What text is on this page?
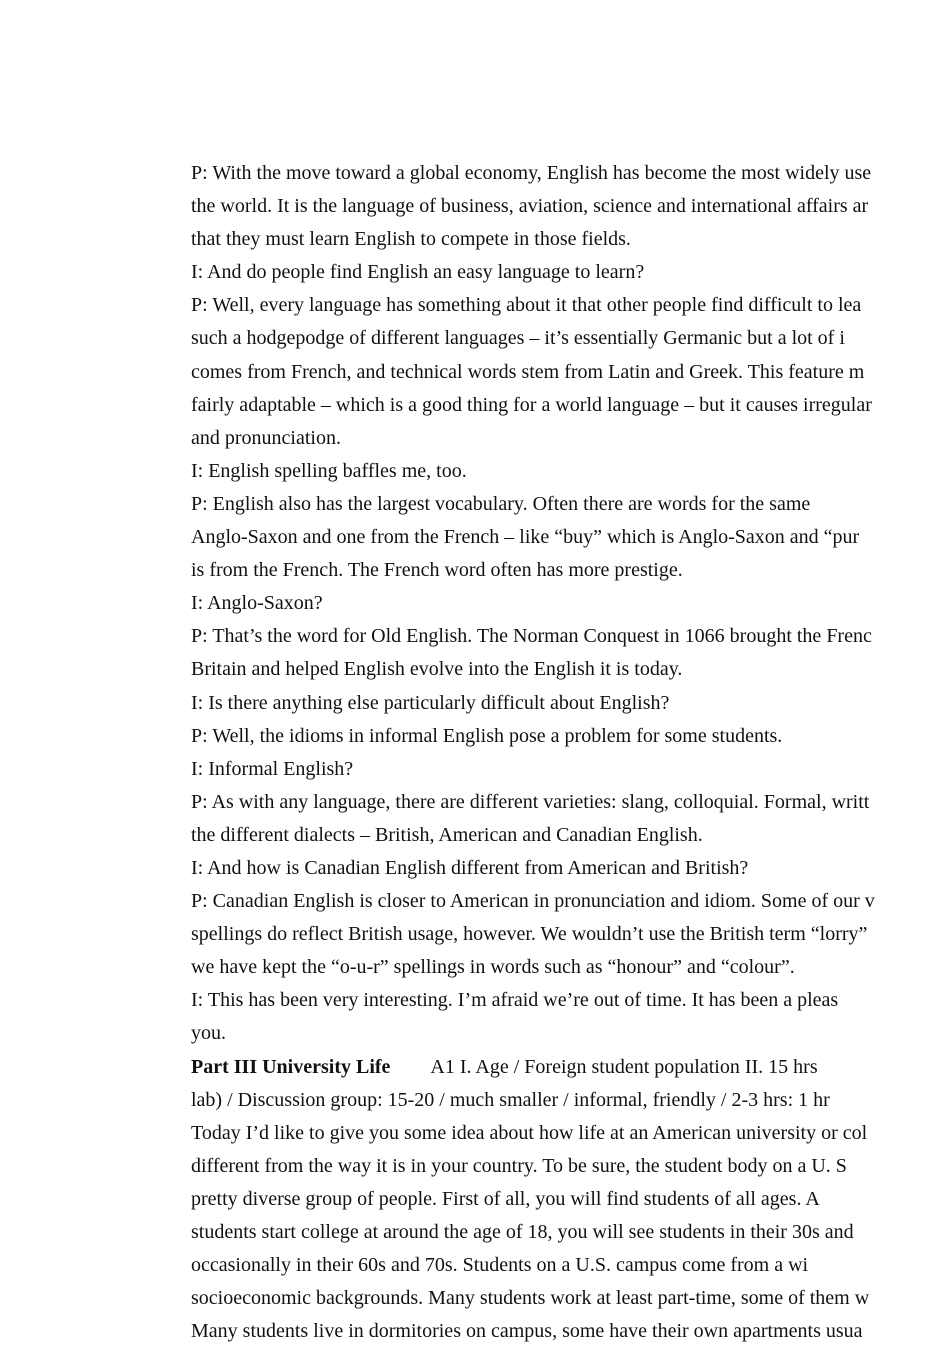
P: With the move toward a global economy, English has become the most widely use
the world. It is the language of business, aviation, science and international affairs ar
that they must learn English to compete in those fields.
I: And do people find English an easy language to learn?
P: Well, every language has something about it that other people find difficult to lea
such a hodgepodge of different languages – it’s essentially Germanic but a lot of i
comes from French, and technical words stem from Latin and Greek. This feature m
fairly adaptable – which is a good thing for a world language – but it causes irregular
and pronunciation.
I: English spelling baffles me, too.
P: English also has the largest vocabulary. Often there are words for the same
Anglo-Saxon and one from the French – like “buy” which is Anglo-Saxon and “pur
is from the French. The French word often has more prestige.
I: Anglo-Saxon?
P: That’s the word for Old English. The Norman Conquest in 1066 brought the Frenc
Britain and helped English evolve into the English it is today.
I: Is there anything else particularly difficult about English?
P: Well, the idioms in informal English pose a problem for some students.
I: Informal English?
P: As with any language, there are different varieties: slang, colloquial. Formal, writt
the different dialects – British, American and Canadian English.
I: And how is Canadian English different from American and British?
P: Canadian English is closer to American in pronunciation and idiom. Some of our v
spellings do reflect British usage, however. We wouldn’t use the British term “lorry”
we have kept the “o-u-r” spellings in words such as “honour” and “colour”.
I: This has been very interesting. I’m afraid we’re out of time. It has been a pleas
you.
Part III University Life A1 I. Age / Foreign student population II. 15 hrs
lab) / Discussion group: 15-20 / much smaller / informal, friendly / 2-3 hrs: 1 hr
Today I’d like to give you some idea about how life at an American university or col
different from the way it is in your country. To be sure, the student body on a U. S
pretty diverse group of people. First of all, you will find students of all ages. A
students start college at around the age of 18, you will see students in their 30s and
occasionally in their 60s and 70s. Students on a U.S. campus come from a wi
socioeconomic backgrounds. Many students work at least part-time, some of them w
Many students live in dormitories on campus, some have their own apartments usua
